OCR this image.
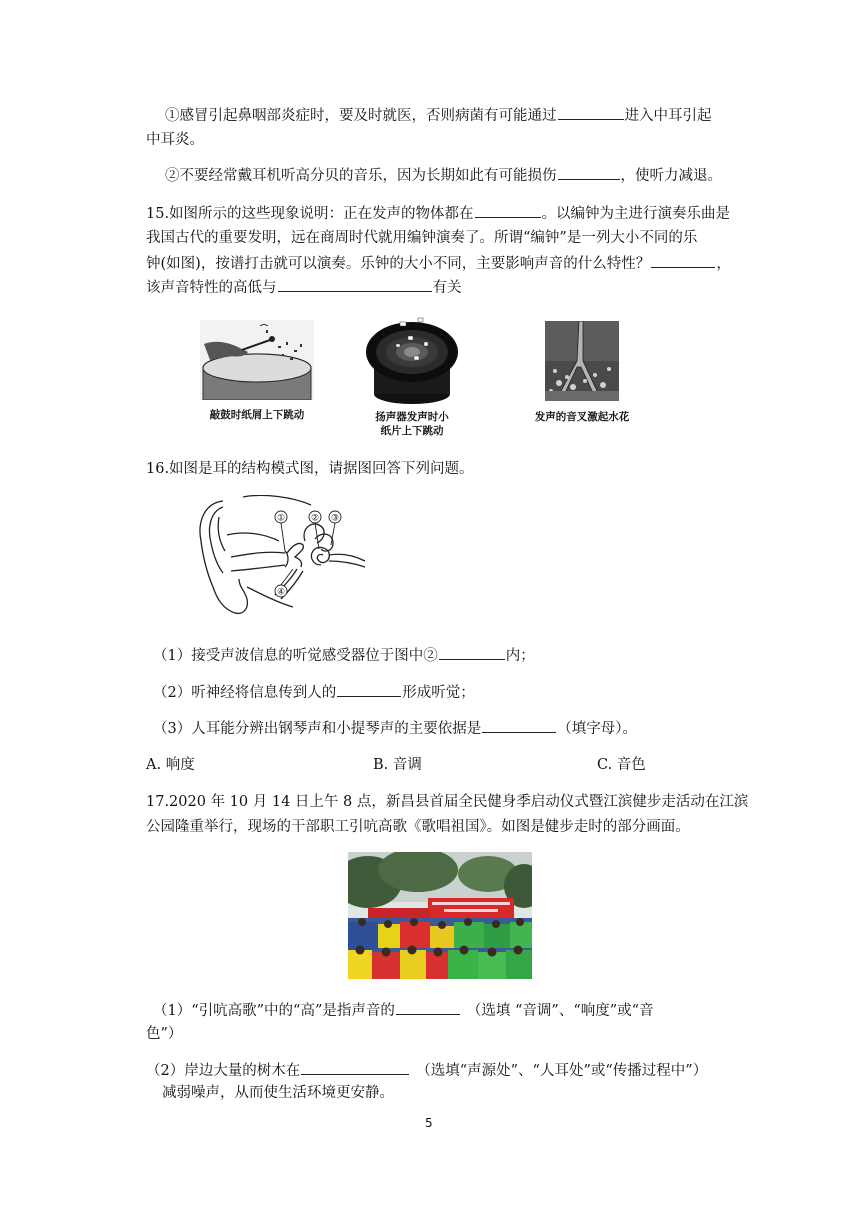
①感冒引起鼻咽部炎症时，要及时就医，否则病菌有可能通过	进入中耳引起
中耳炎。
②不要经常戴耳机听高分贝的音乐，因为长期如此有可能损伤	，使听力减退。
15.如图所示的这些现象说明：正在发声的物体都在	。以编钟为主进行演奏乐曲是
我国古代的重要发明，远在商周时代就用编钟演奏了。所谓“编钟”是一列大小不同的乐
钟(如图)，按谱打击就可以演奏。乐钟的大小不同，主要影响声音的什么特性？	，
该声音特性的高低与	有关
敲鼓时纸屑上下跳动	扬声器发声时小
纸片上下跳动
发声的音叉激起水花
16.如图是耳的结构模式图，请据图回答下列问题。
①	② ③
④
（1）接受声波信息的听觉感受器位于图中②	内；
（2）听神经将信息传到人的	形成听觉；
（3）人耳能分辨出钢琴声和小提琴声的主要依据是	（填字母）。
A. 响度	B. 音调	C. 音色
17.2020 年 10 月 14 日上午 8 点，新昌县首届全民健身季启动仪式暨江滨健步走活动在江滨
公园隆重举行，现场的干部职工引吭高歌《歌唱祖国》。如图是健步走时的部分画面。
（1）“引吭高歌”中的“高”是指声音的	（选填 “音调”、“响度”或“音
色”）
（2）岸边大量的树木在	（选填“声源处”、“人耳处”或“传播过程中”）
减弱噪声，从而使生活环境更安静。
5
